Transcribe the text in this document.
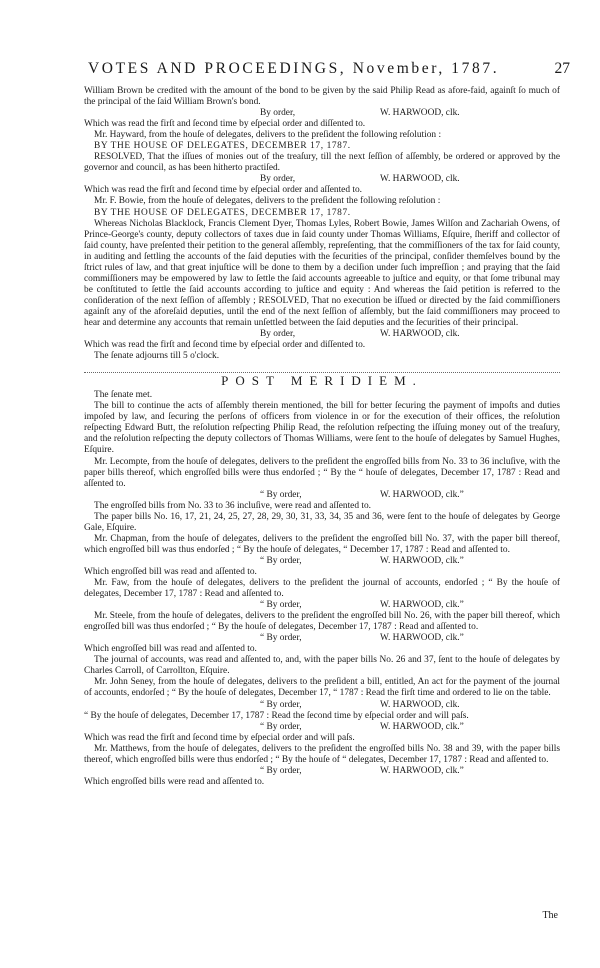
VOTES AND PROCEEDINGS, November, 1787.	27

William Brown be credited with the amount of the bond to be given by the said Philip Read as afore-faid, againſt ſo much of the principal of the ſaid William Brown's bond.

By order,	W. HARWOOD, clk.

Which was read the firſt and ſecond time by eſpecial order and diſſented to.

Mr. Hayward, from the houſe of delegates, delivers to the preſident the following reſolution :

BY THE HOUSE OF DELEGATES, DECEMBER 17, 1787.

RESOLVED, That the iſſues of monies out of the treaſury, till the next ſeſſion of aſſembly, be ordered or approved by the governor and council, as has been hitherto practiſed.

By order,	W. HARWOOD, clk.

Which was read the firſt and ſecond time by eſpecial order and aſſented to.

Mr. F. Bowie, from the houſe of delegates, delivers to the preſident the following reſolution :

BY THE HOUSE OF DELEGATES, DECEMBER 17, 1787.

Whereas Nicholas Blacklock, Francis Clement Dyer, Thomas Lyles, Robert Bowie, James Wilſon and Zachariah Owens, of Prince-George's county, deputy collectors of taxes due in ſaid county under Thomas Williams, Eſquire, ſheriff and collector of ſaid county, have preſented their petition to the general aſſembly, repreſenting, that the commiſſioners of the tax for ſaid county, in auditing and ſettling the accounts of the ſaid deputies with the ſecurities of the principal, conſider themſelves bound by the ſtrict rules of law, and that great injuſtice will be done to them by a deciſion under ſuch impreſſion ; and praying that the ſaid commiſſioners may be empowered by law to ſettle the ſaid accounts agreeable to juſtice and equity, or that ſome tribunal may be conſtituted to ſettle the ſaid accounts according to juſtice and equity : And whereas the ſaid petition is referred to the conſideration of the next ſeſſion of aſſembly ; RESOLVED, That no execution be iſſued or directed by the ſaid commiſſioners againſt any of the aforeſaid deputies, until the end of the next ſeſſion of aſſembly, but the ſaid commiſſioners may proceed to hear and determine any accounts that remain unſettled between the ſaid deputies and the ſecurities of their principal.

By order,	W. HARWOOD, clk.

Which was read the firſt and ſecond time by eſpecial order and diſſented to.

The ſenate adjourns till 5 o'clock.

POST MERIDIEM.

The ſenate met.

The bill to continue the acts of aſſembly therein mentioned, the bill for better ſecuring the payment of impoſts and duties impoſed by law, and ſecuring the perſons of officers from violence in or for the execution of their offices, the reſolution reſpecting Edward Butt, the reſolution reſpecting Philip Read, the reſolution reſpecting the iſſuing money out of the treaſury, and the reſolution reſpecting the deputy collectors of Thomas Williams, were ſent to the houſe of delegates by Samuel Hughes, Eſquire.

Mr. Lecompte, from the houſe of delegates, delivers to the preſident the engroſſed bills from No. 33 to 36 incluſive, with the paper bills thereof, which engroſſed bills were thus endorſed ; “ By the “ houſe of delegates, December 17, 1787 : Read and aſſented to.

“ By order,	W. HARWOOD, clk.”

The engroſſed bills from No. 33 to 36 incluſive, were read and aſſented to.

The paper bills No. 16, 17, 21, 24, 25, 27, 28, 29, 30, 31, 33, 34, 35 and 36, were ſent to the houſe of delegates by George Gale, Eſquire.

Mr. Chapman, from the houſe of delegates, delivers to the preſident the engroſſed bill No. 37, with the paper bill thereof, which engroſſed bill was thus endorſed ; “ By the houſe of delegates, “ December 17, 1787 : Read and aſſented to.

“ By order,	W. HARWOOD, clk.”

Which engroſſed bill was read and aſſented to.

Mr. Faw, from the houſe of delegates, delivers to the preſident the journal of accounts, endorſed ; “ By the houſe of delegates, December 17, 1787 : Read and aſſented to.

“ By order,	W. HARWOOD, clk.”

Mr. Steele, from the houſe of delegates, delivers to the preſident the engroſſed bill No. 26, with the paper bill thereof, which engroſſed bill was thus endorſed ; “ By the houſe of delegates, December 17, 1787 : Read and aſſented to.

“ By order,	W. HARWOOD, clk.”

Which engroſſed bill was read and aſſented to.

The journal of accounts, was read and aſſented to, and, with the paper bills No. 26 and 37, ſent to the houſe of delegates by Charles Carroll, of Carrollton, Eſquire.

Mr. John Seney, from the houſe of delegates, delivers to the preſident a bill, entitled, An act for the payment of the journal of accounts, endorſed ; “ By the houſe of delegates, December 17, “ 1787 : Read the firſt time and ordered to lie on the table.

“ By order,	W. HARWOOD, clk.

“ By the houſe of delegates, December 17, 1787 : Read the ſecond time by eſpecial order and will paſs.

“ By order,	W. HARWOOD, clk.”

Which was read the firſt and ſecond time by eſpecial order and will paſs.

Mr. Matthews, from the houſe of delegates, delivers to the preſident the engroſſed bills No. 38 and 39, with the paper bills thereof, which engroſſed bills were thus endorſed ; “ By the houſe of “ delegates, December 17, 1787 : Read and aſſented to.

“ By order,	W. HARWOOD, clk.”

Which engroſſed bills were read and aſſented to.

The
